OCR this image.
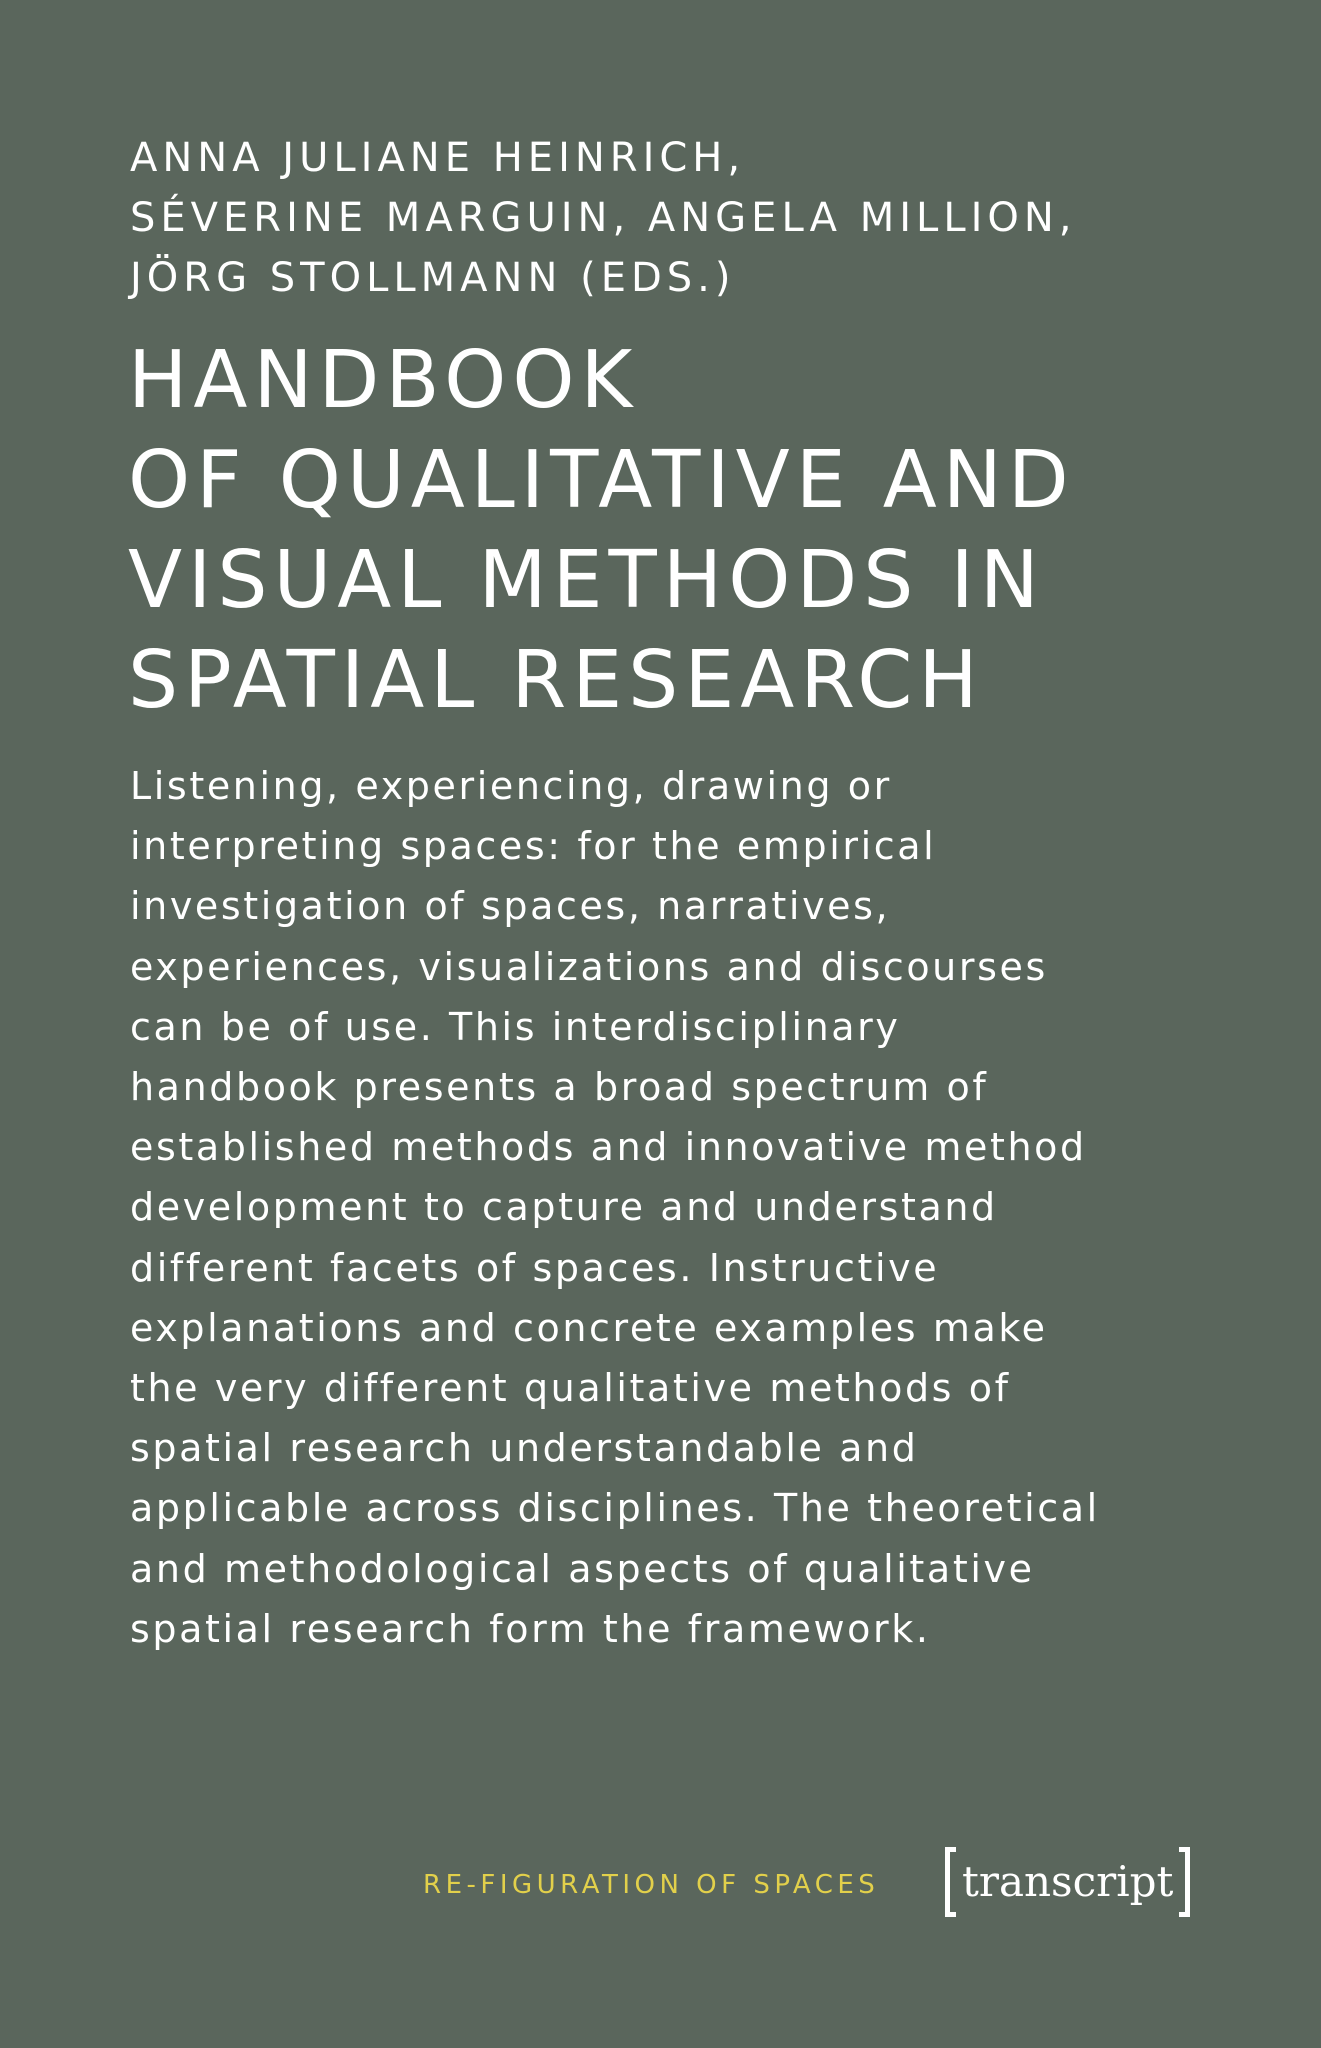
ANNA JULIANE HEINRICH,
SÉVERINE MARGUIN, ANGELA MILLION,
JÖRG STOLLMANN (EDS.)
HANDBOOK
OF QUALITATIVE AND
VISUAL METHODS IN
SPATIAL RESEARCH
Listening, experiencing, drawing or
interpreting spaces: for the empirical
investigation of spaces, narratives,
experiences, visualizations and discourses
can be of use. This interdisciplinary
handbook presents a broad spectrum of
established methods and innovative method
development to capture and understand
different facets of spaces. Instructive
explanations and concrete examples make
the very different qualitative methods of
spatial research understandable and
applicable across disciplines. The theoretical
and methodological aspects of qualitative
spatial research form the framework.
RE-FIGURATION OF SPACES transcript
